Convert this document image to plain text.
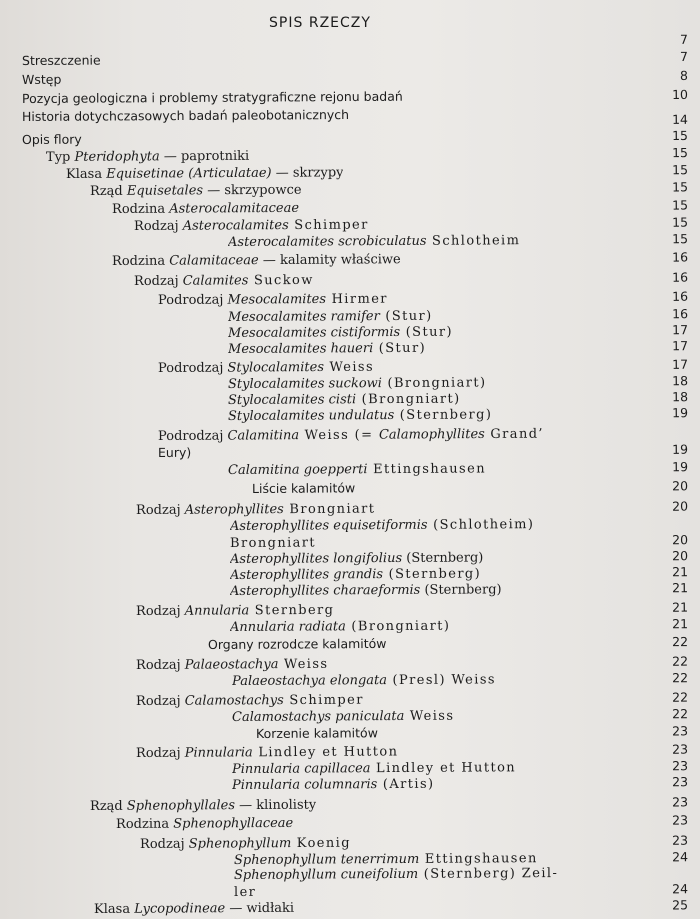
SPIS RZECZY
7
Streszczenie	7
Wstęp	8
Pozycja geologiczna i problemy stratygraficzne rejonu badań	10
Historia dotychczasowych badań paleobotanicznych	14
Opis flory	15
Typ Pteridophyta — paprotniki	15
Klasa Equisetinae (Articulatae) — skrzypy	15
Rząd Equisetales — skrzypowce	15
Rodzina Asterocalamitaceae	15
Rodzaj Asterocalamites Schimper	15
Asterocalamites scrobiculatus Schlotheim	15
Rodzina Calamitaceae — kalamity właściwe	16
Rodzaj Calamites Suckow	16
Podrodzaj Mesocalamites Hirmer	16
Mesocalamites ramifer (Stur)	16
Mesocalamites cistiformis (Stur)	17
Mesocalamites haueri (Stur)	17
Podrodzaj Stylocalamites Weiss	17
Stylocalamites suckowi (Brongniart)	18
Stylocalamites cisti (Brongniart)	18
Stylocalamites undulatus (Sternberg)	19
Podrodzaj Calamitina Weiss (= Calamophyllites Grand’
Eury)	19
Calamitina goepperti Ettingshausen	19
Liście kalamitów	20
Rodzaj Asterophyllites Brongniart	20
Asterophyllites equisetiformis (Schlotheim)
Brongniart	20
Asterophyllites longifolius (Sternberg)	20
Asterophyllites grandis (Sternberg)	21
Asterophyllites charaeformis (Sternberg)	21
Rodzaj Annularia Sternberg	21
Annularia radiata (Brongniart)	21
Organy rozrodcze kalamitów	22
Rodzaj Palaeostachya Weiss	22
Palaeostachya elongata (Presl) Weiss	22
Rodzaj Calamostachys Schimper	22
Calamostachys paniculata Weiss	22
Korzenie kalamitów	23
Rodzaj Pinnularia Lindley et Hutton	23
Pinnularia capillacea Lindley et Hutton	23
Pinnularia columnaris (Artis)	23
Rząd Sphenophyllales — klinolisty	23
Rodzina Sphenophyllaceae	23
Rodzaj Sphenophyllum Koenig	23
Sphenophyllum tenerrimum Ettingshausen	24
Sphenophyllum cuneifolium (Sternberg) Zeil-
ler	24
Klasa Lycopodineae — widłaki	25
